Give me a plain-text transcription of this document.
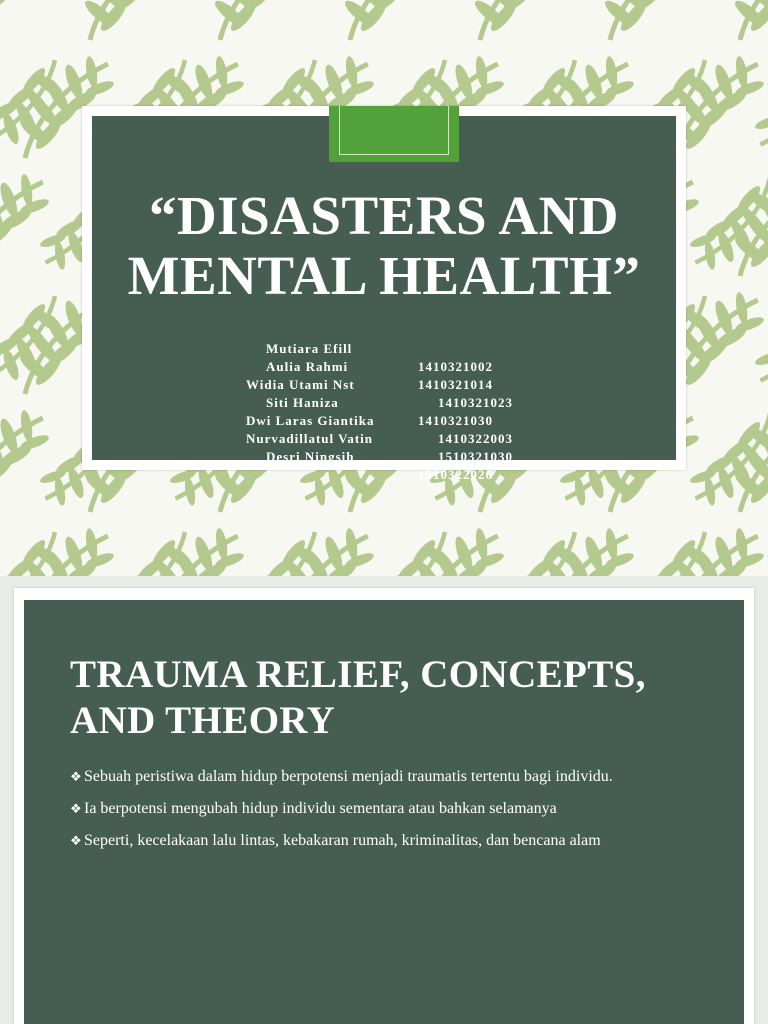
“DISASTERS AND
MENTAL HEALTH”

Mutiara Efill

1410321002

Aulia Rahmi

1410321014

Widia Utami Nst

1410321023

Siti Haniza

1410321030

Dwi Laras Giantika

1410322003

Nurvadillatul Vatin

1510321030

Desri Ningsih

1510322026

TRAUMA RELIEF, CONCEPTS,
AND THEORY
❖ Sebuah peristiwa dalam hidup berpotensi menjadi traumatis tertentu bagi individu.
❖ Ia berpotensi mengubah hidup individu sementara atau bahkan selamanya
❖ Seperti, kecelakaan lalu lintas, kebakaran rumah, kriminalitas, dan bencana alam
